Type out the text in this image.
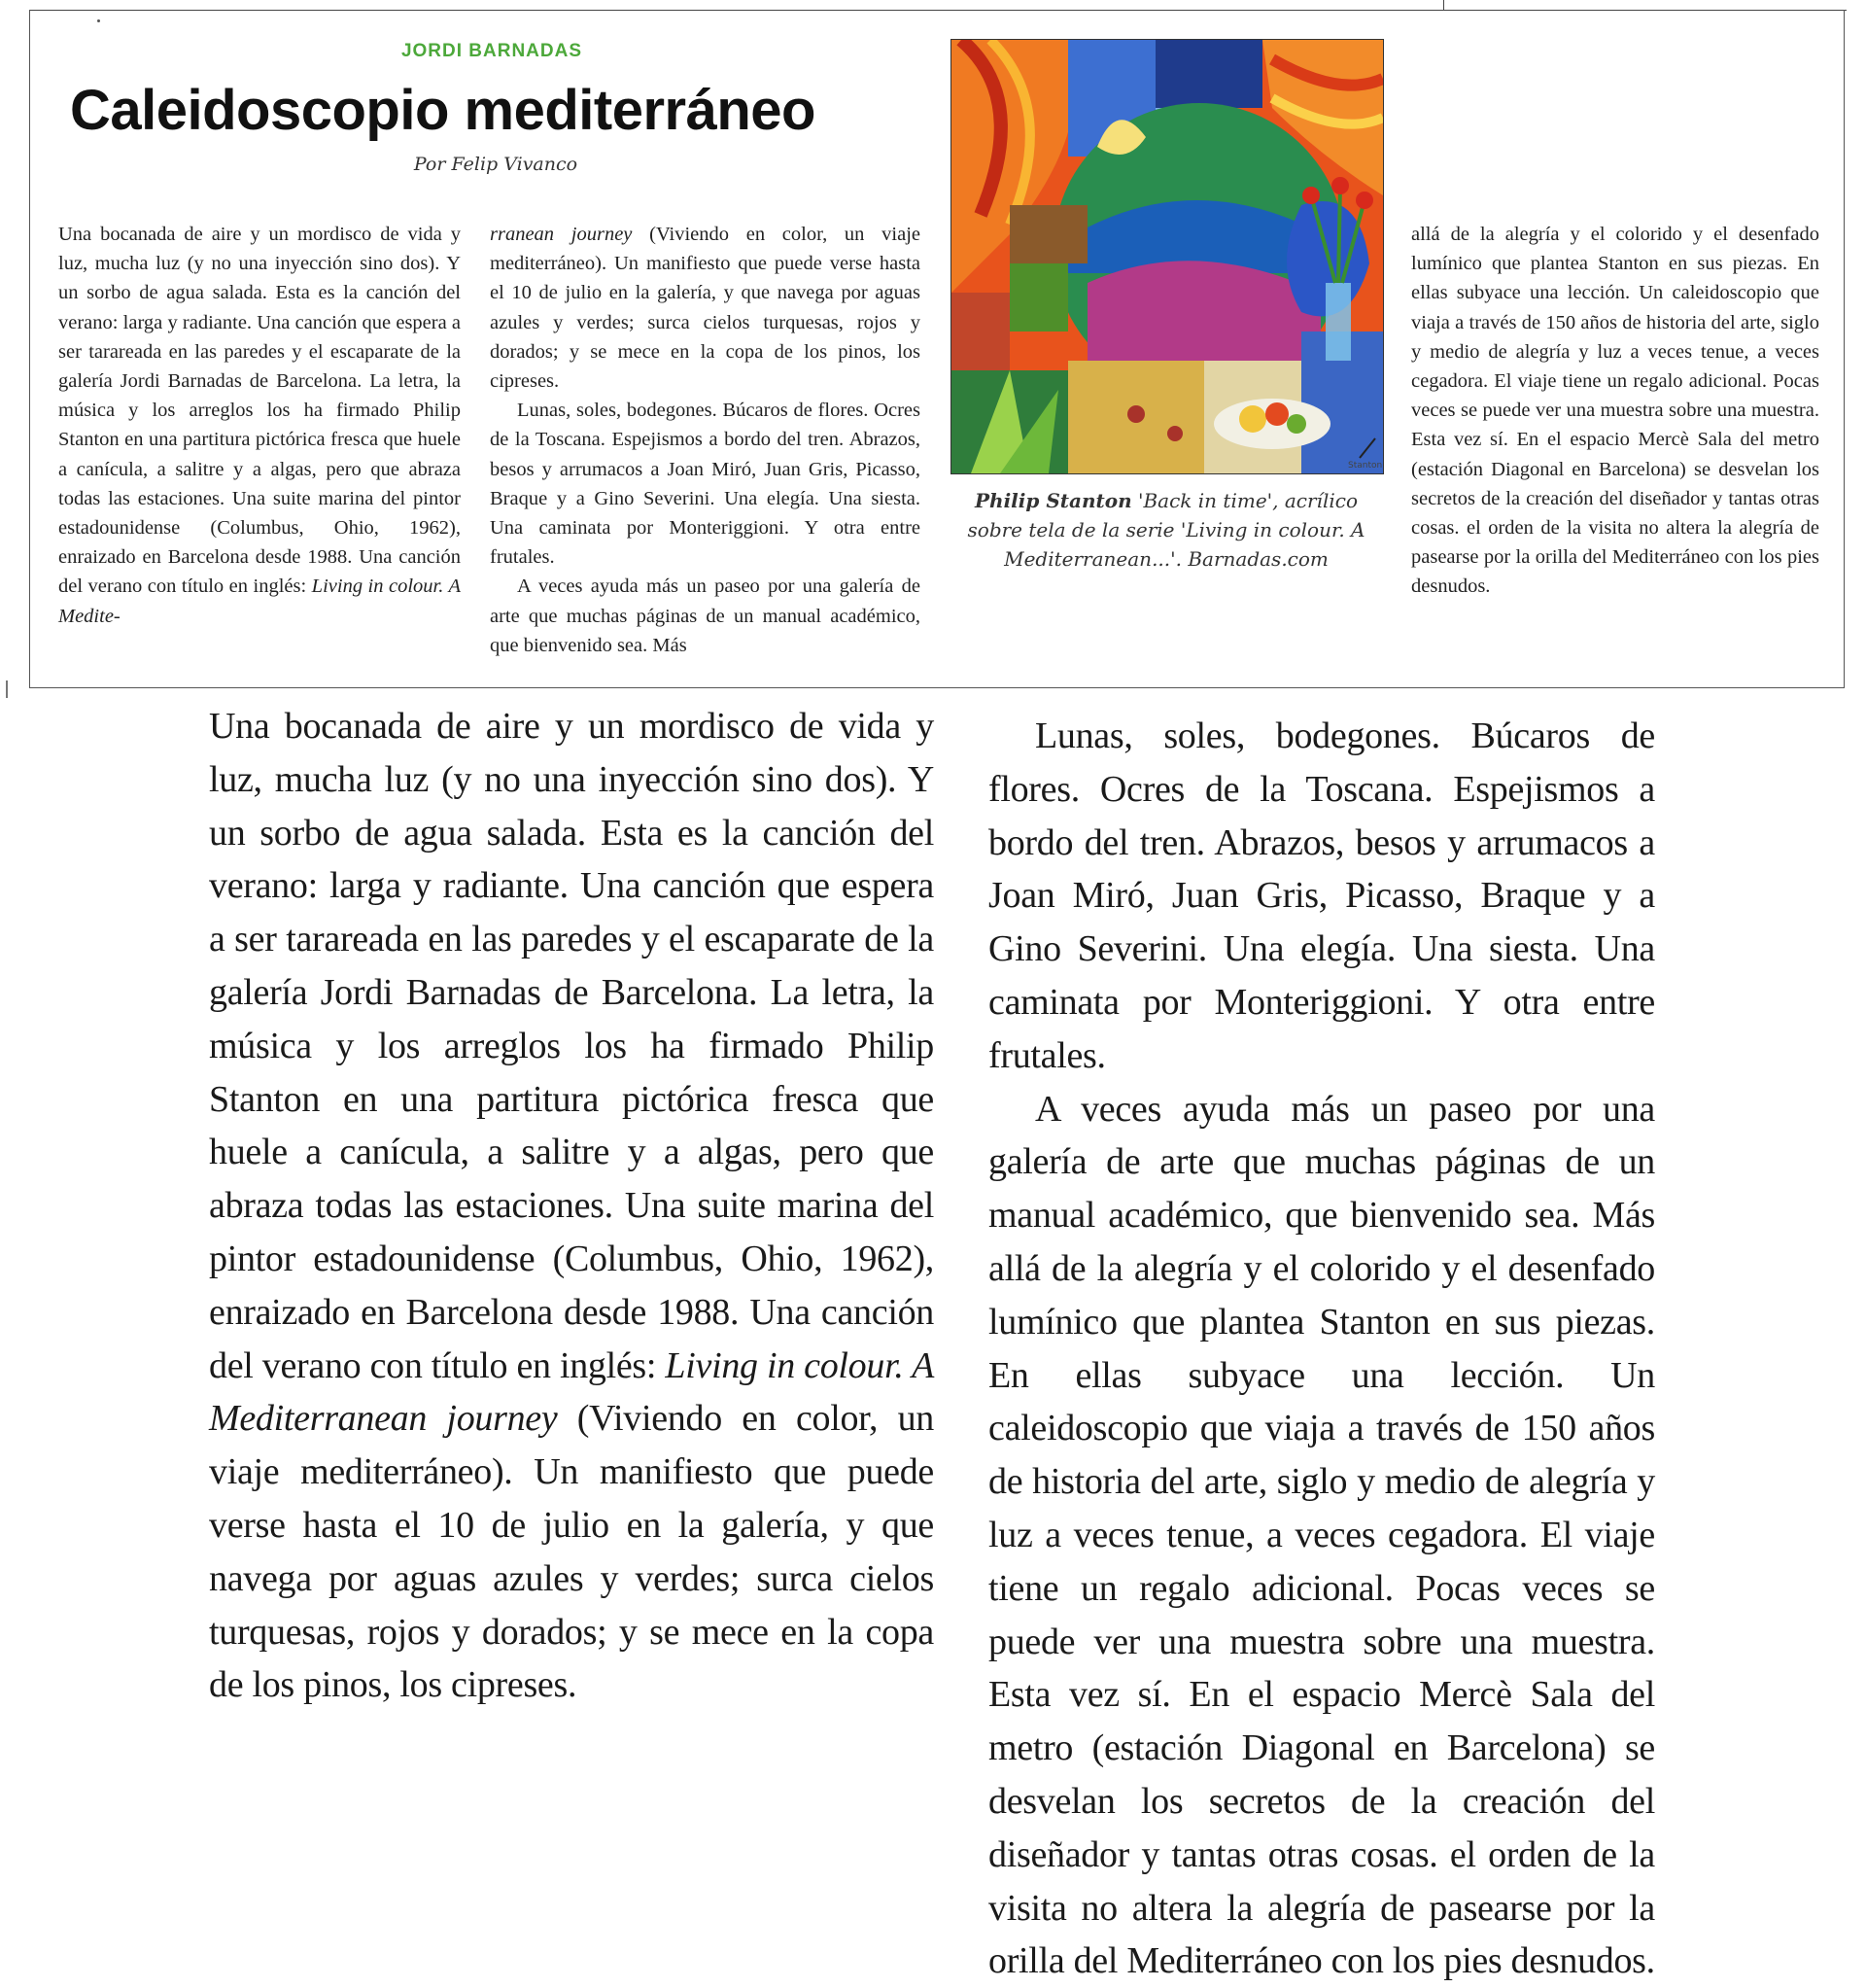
JORDI BARNADAS
Caleidoscopio mediterráneo
Por Felip Vivanco

Una bocanada de aire y un mordisco de vida y luz, mucha luz (y no una inyección sino dos). Y un sorbo de agua salada. Esta es la canción del verano: larga y radiante. Una canción que espera a ser tarareada en las paredes y el escaparate de la galería Jordi Barnadas de Barcelona. La letra, la música y los arreglos los ha firmado Philip Stanton en una partitura pictórica fresca que huele a canícula, a salitre y a algas, pero que abraza todas las estaciones. Una suite marina del pintor estadounidense (Columbus, Ohio, 1962), enraizado en Barcelona desde 1988. Una canción del verano con título en inglés: Living in colour. A Medite-

rranean journey (Viviendo en color, un viaje mediterráneo). Un manifiesto que puede verse hasta el 10 de julio en la galería, y que navega por aguas azules y verdes; surca cielos turquesas, rojos y dorados; y se mece en la copa de los pinos, los cipreses.

Lunas, soles, bodegones. Búcaros de flores. Ocres de la Toscana. Espejismos a bordo del tren. Abrazos, besos y arrumacos a Joan Miró, Juan Gris, Picasso, Braque y a Gino Severini. Una elegía. Una siesta. Una caminata por Monteriggioni. Y otra entre frutales.

A veces ayuda más un paseo por una galería de arte que muchas páginas de un manual académico, que bienvenido sea. Más

Stanton
Philip Stanton 'Back in time', acrílico sobre tela de la serie 'Living in colour. A Mediterranean...'. Barnadas.com

allá de la alegría y el colorido y el desenfado lumínico que plantea Stanton en sus piezas. En ellas subyace una lección. Un caleidoscopio que viaja a través de 150 años de historia del arte, siglo y medio de alegría y luz a veces tenue, a veces cegadora. El viaje tiene un regalo adicional. Pocas veces se puede ver una muestra sobre una muestra. Esta vez sí. En el espacio Mercè Sala del metro (estación Diagonal en Barcelona) se desvelan los secretos de la creación del diseñador y tantas otras cosas. el orden de la visita no altera la alegría de pasearse por la orilla del Mediterráneo con los pies desnudos.

Una bocanada de aire y un mordisco de vida y luz, mucha luz (y no una inyección sino dos). Y un sorbo de agua salada. Esta es la canción del verano: larga y radiante. Una canción que espera a ser tarareada en las paredes y el escaparate de la galería Jordi Barnadas de Barcelona. La letra, la música y los arreglos los ha firmado Philip Stanton en una partitura pictórica fresca que huele a canícula, a salitre y a algas, pero que abraza todas las estaciones. Una suite marina del pintor estadounidense (Columbus, Ohio, 1962), enraizado en Barcelona desde 1988. Una canción del verano con título en inglés: Living in colour. A Mediterranean journey (Viviendo en color, un viaje mediterráneo). Un manifiesto que puede verse hasta el 10 de julio en la galería, y que navega por aguas azules y verdes; surca cielos turquesas, rojos y dorados; y se mece en la copa de los pinos, los cipreses.

Lunas, soles, bodegones. Búcaros de flores. Ocres de la Toscana. Espejismos a bordo del tren. Abrazos, besos y arrumacos a Joan Miró, Juan Gris, Picasso, Braque y a Gino Severini. Una elegía. Una siesta. Una caminata por Monteriggioni. Y otra entre frutales.

A veces ayuda más un paseo por una galería de arte que muchas páginas de un manual académico, que bienvenido sea. Más allá de la alegría y el colorido y el desenfado lumínico que plantea Stanton en sus piezas. En ellas subyace una lección. Un caleidoscopio que viaja a través de 150 años de historia del arte, siglo y medio de alegría y luz a veces tenue, a veces cegadora. El viaje tiene un regalo adicional. Pocas veces se puede ver una muestra sobre una muestra. Esta vez sí. En el espacio Mercè Sala del metro (estación Diagonal en Barcelona) se desvelan los secretos de la creación del diseñador y tantas otras cosas. el orden de la visita no altera la alegría de pasearse por la orilla del Mediterráneo con los pies desnudos.
